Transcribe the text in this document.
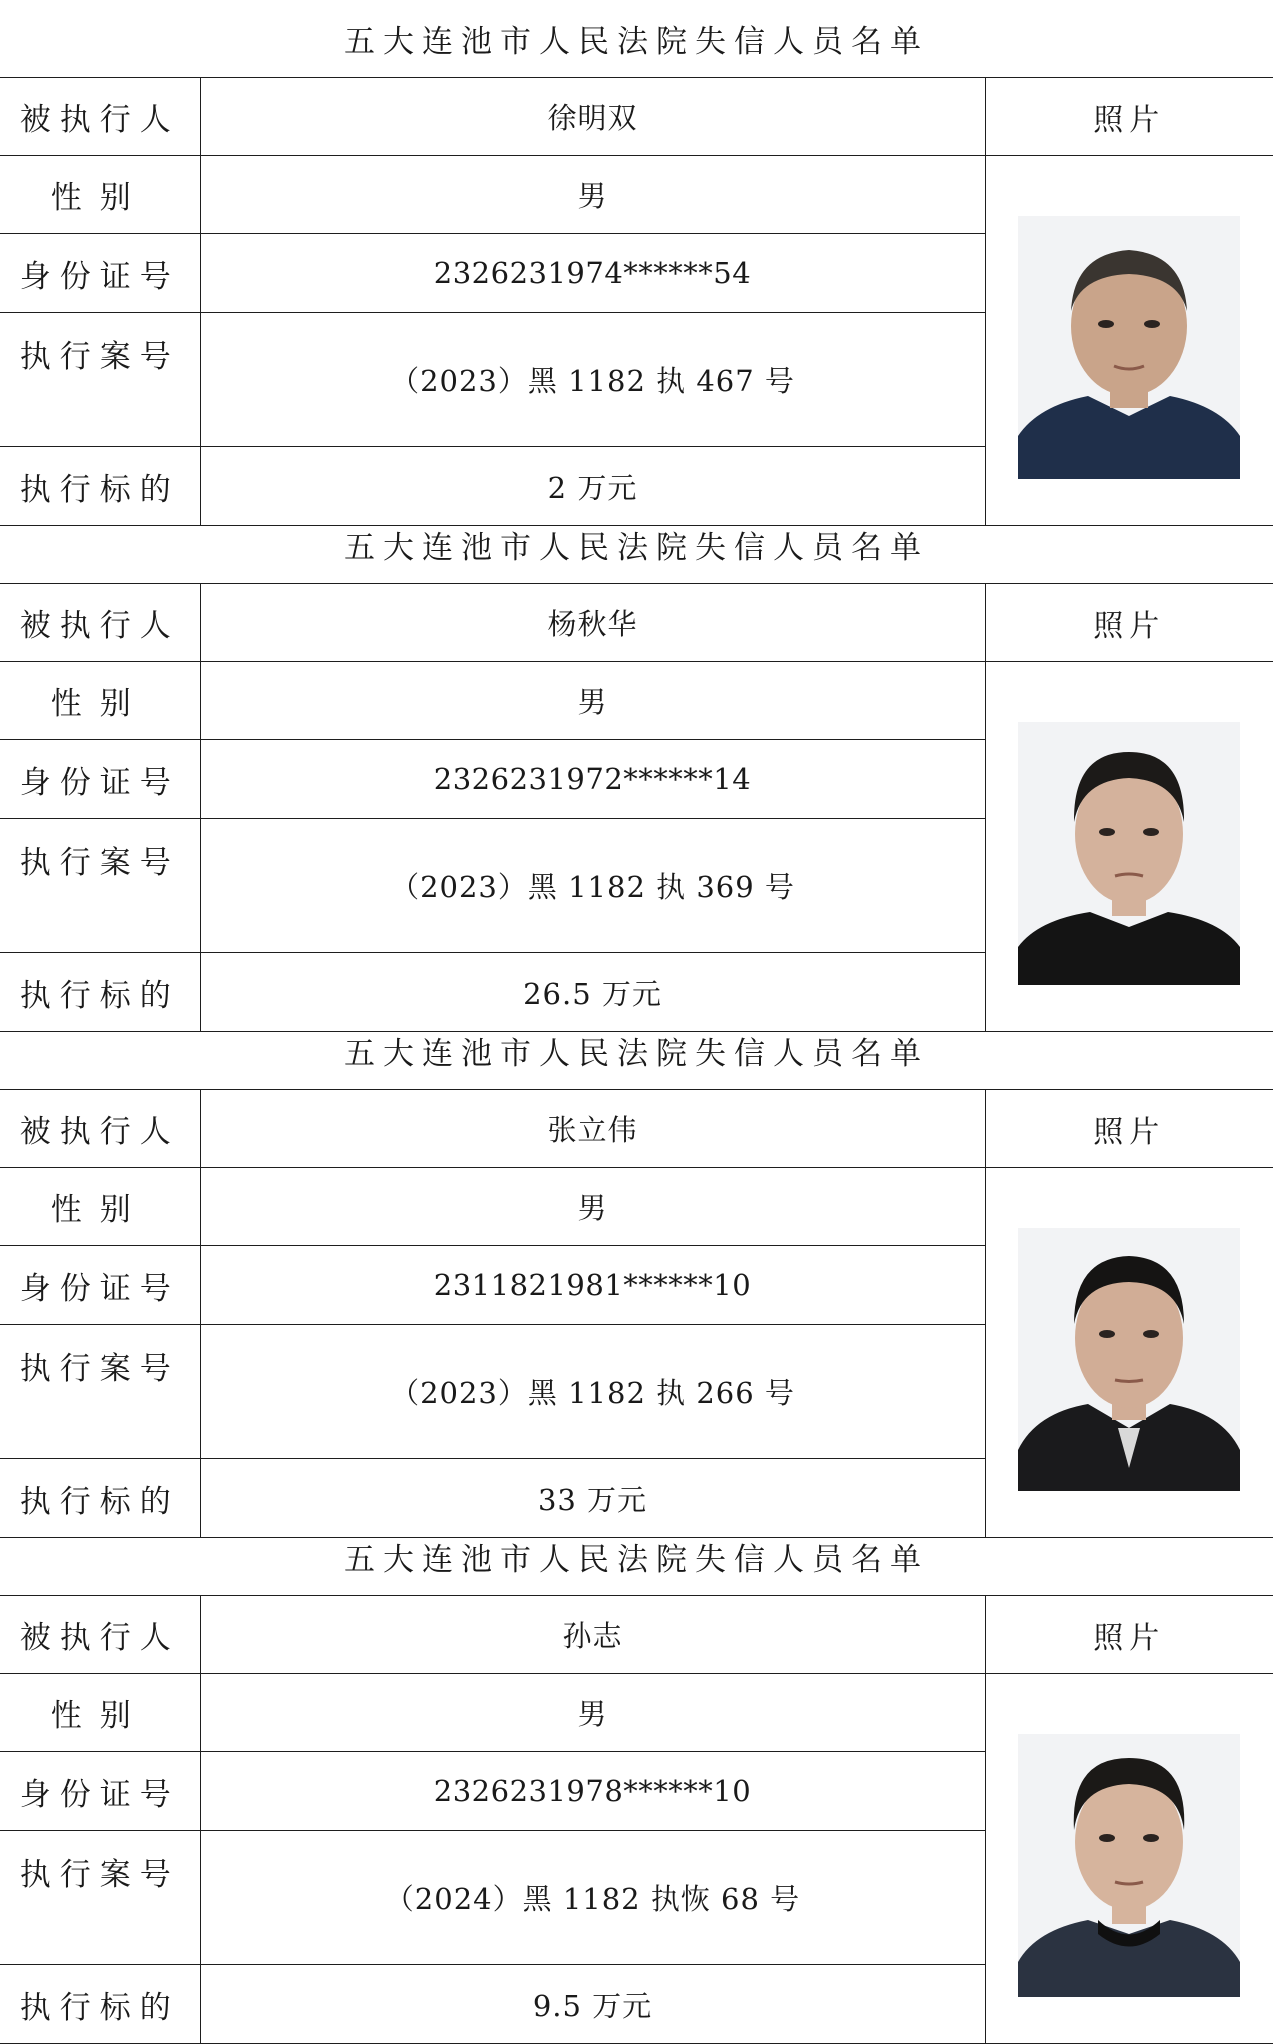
五大连池市人民法院失信人员名单		
被执行人	徐明双	照片
性别	男	

身份证号	2326231974******54	
执行案号	（2023）黑 1182 执 467 号	
执行标的	2 万元	
五大连池市人民法院失信人员名单		
被执行人	杨秋华	照片
性别	男	

身份证号	2326231972******14	
执行案号	（2023）黑 1182 执 369 号	
执行标的	26.5 万元	
五大连池市人民法院失信人员名单		
被执行人	张立伟	照片
性别	男	

身份证号	2311821981******10	
执行案号	（2023）黑 1182 执 266 号	
执行标的	33 万元	
五大连池市人民法院失信人员名单		
被执行人	孙志	照片
性别	男	

身份证号	2326231978******10	
执行案号	（2024）黑 1182 执恢 68 号	
执行标的	9.5 万元	
